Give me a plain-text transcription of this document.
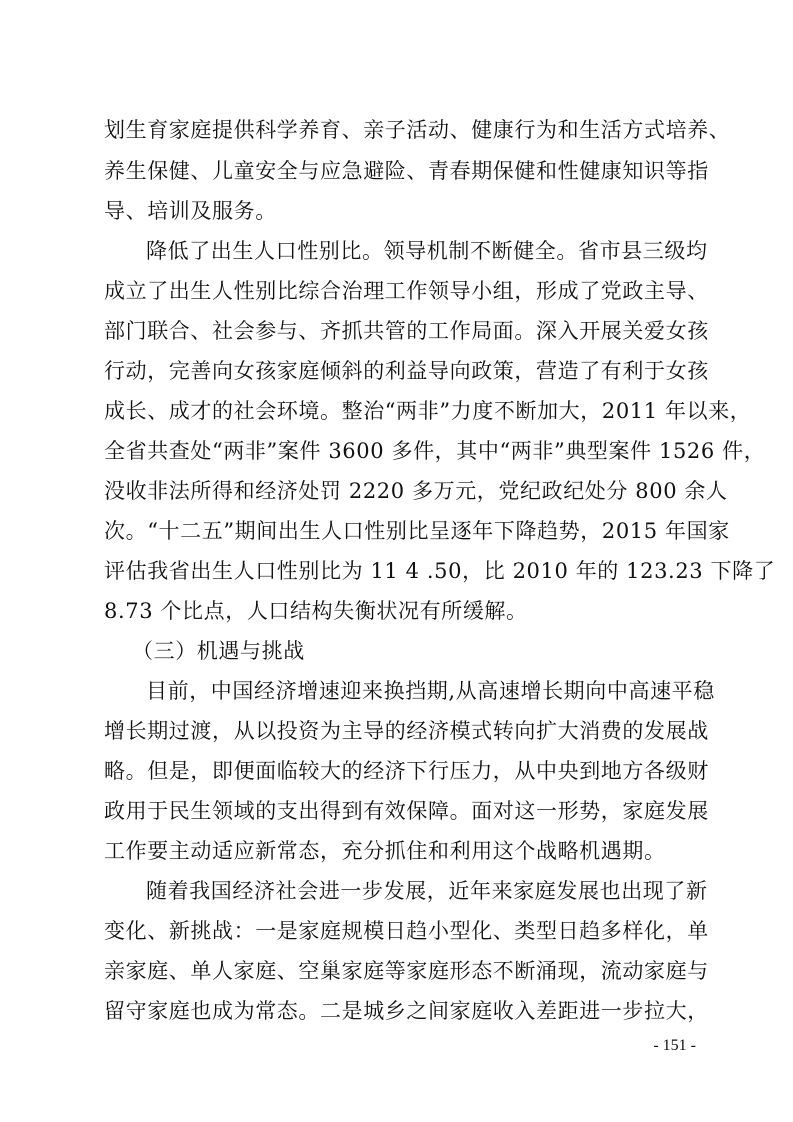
划生育家庭提供科学养育、亲子活动、健康行为和生活方式培养、
养生保健、儿童安全与应急避险、青春期保健和性健康知识等指
导、培训及服务。
降低了出生人口性别比。领导机制不断健全。省市县三级均
成立了出生人性别比综合治理工作领导小组，形成了党政主导、
部门联合、社会参与、齐抓共管的工作局面。深入开展关爱女孩
行动，完善向女孩家庭倾斜的利益导向政策，营造了有利于女孩
成长、成才的社会环境。整治“两非”力度不断加大，2011 年以来，
全省共查处“两非”案件 3600 多件，其中“两非”典型案件 1526 件，
没收非法所得和经济处罚 2220 多万元，党纪政纪处分 800 余人
次。“十二五”期间出生人口性别比呈逐年下降趋势，2015 年国家
评估我省出生人口性别比为 11 4 .50，比 2010 年的 123.23 下降了
8.73 个比点，人口结构失衡状况有所缓解。
（三）机遇与挑战
目前，中国经济增速迎来换挡期,从高速增长期向中高速平稳
增长期过渡，从以投资为主导的经济模式转向扩大消费的发展战
略。但是，即便面临较大的经济下行压力，从中央到地方各级财
政用于民生领域的支出得到有效保障。面对这一形势，家庭发展
工作要主动适应新常态，充分抓住和利用这个战略机遇期。
随着我国经济社会进一步发展，近年来家庭发展也出现了新
变化、新挑战：一是家庭规模日趋小型化、类型日趋多样化，单
亲家庭、单人家庭、空巢家庭等家庭形态不断涌现，流动家庭与
留守家庭也成为常态。二是城乡之间家庭收入差距进一步拉大，
- 151 -
